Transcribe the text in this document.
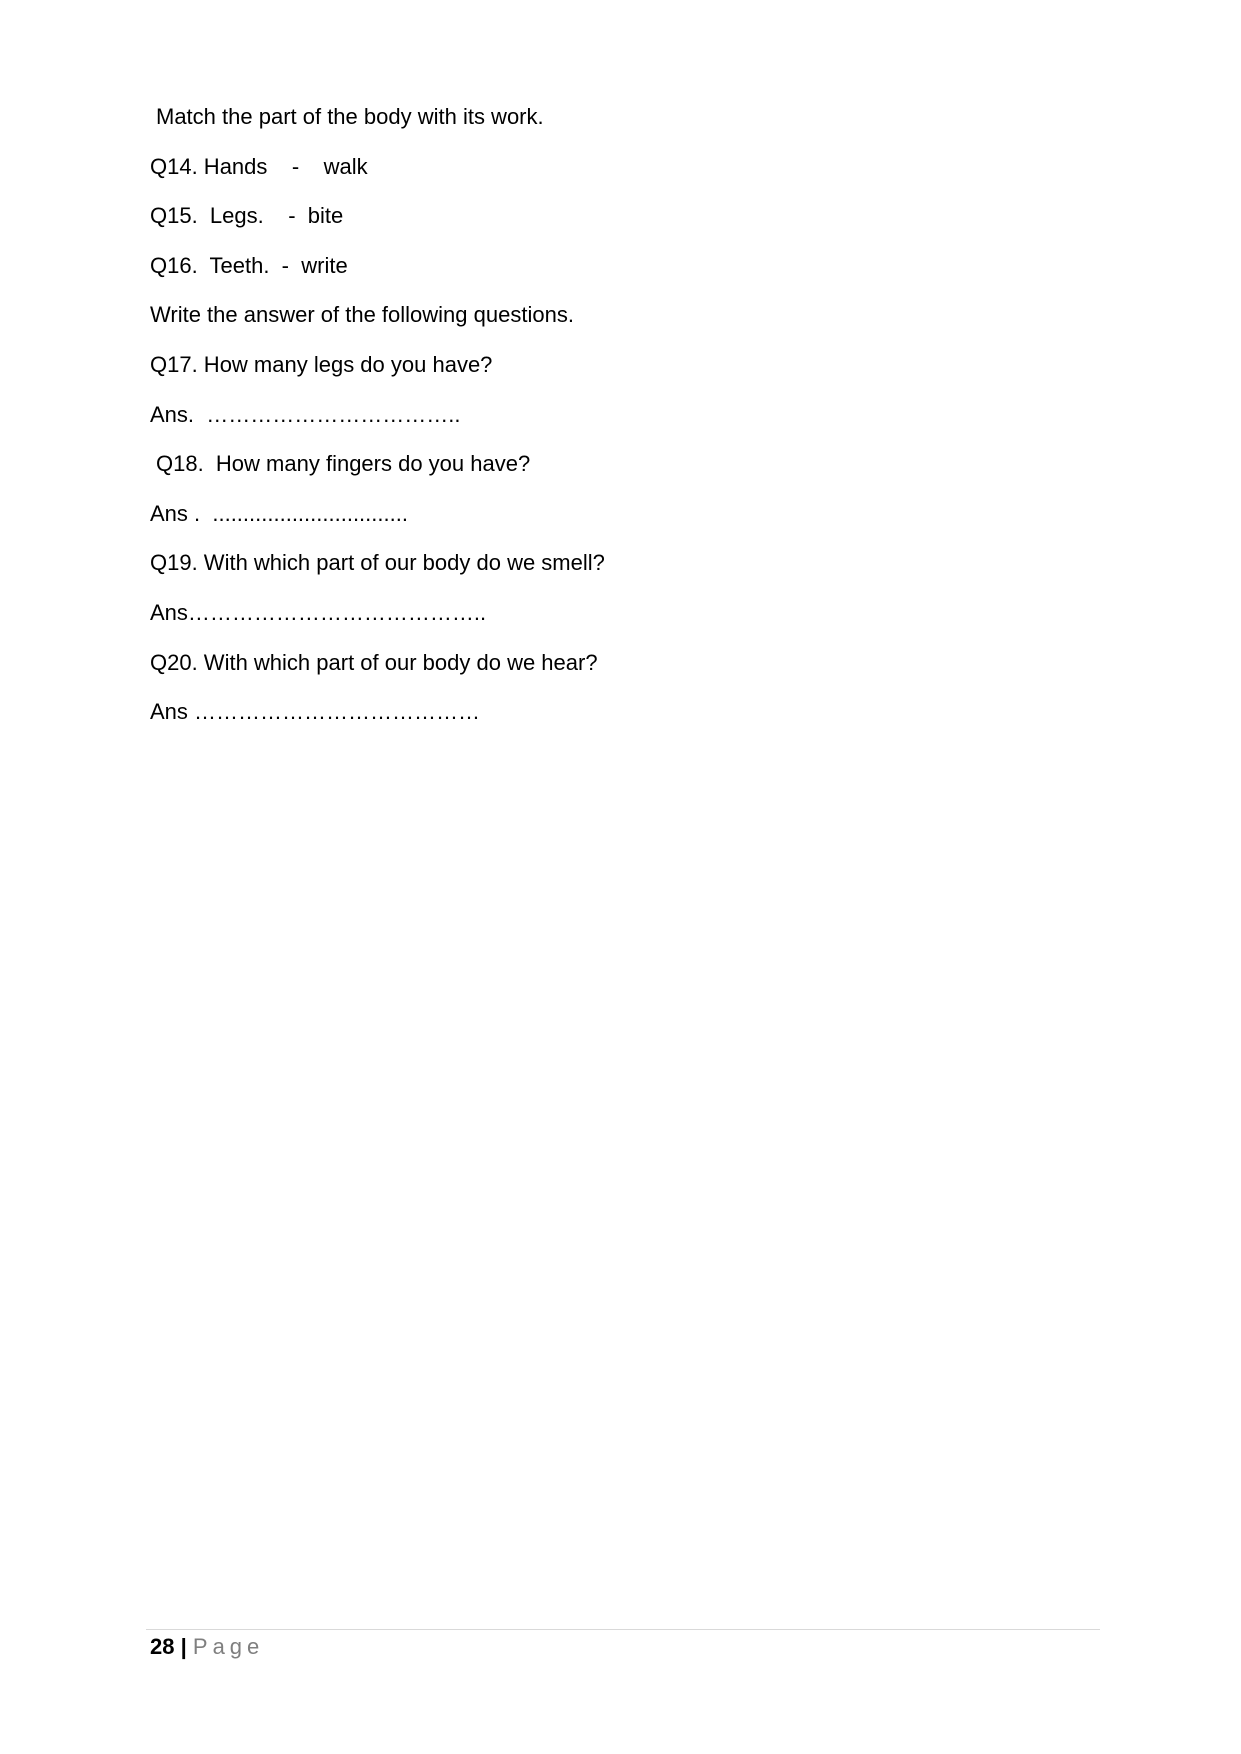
Match the part of the body with its work.
Q14. Hands    -    walk
Q15.  Legs.    -  bite
Q16.  Teeth.  -  write
Write the answer of the following questions.
Q17. How many legs do you have?
Ans.  ……………………………..
Q18.  How many fingers do you have?
Ans .  ................................
Q19. With which part of our body do we smell?
Ans…………………………………..
Q20. With which part of our body do we hear?
Ans …………………………………
28 | Page
